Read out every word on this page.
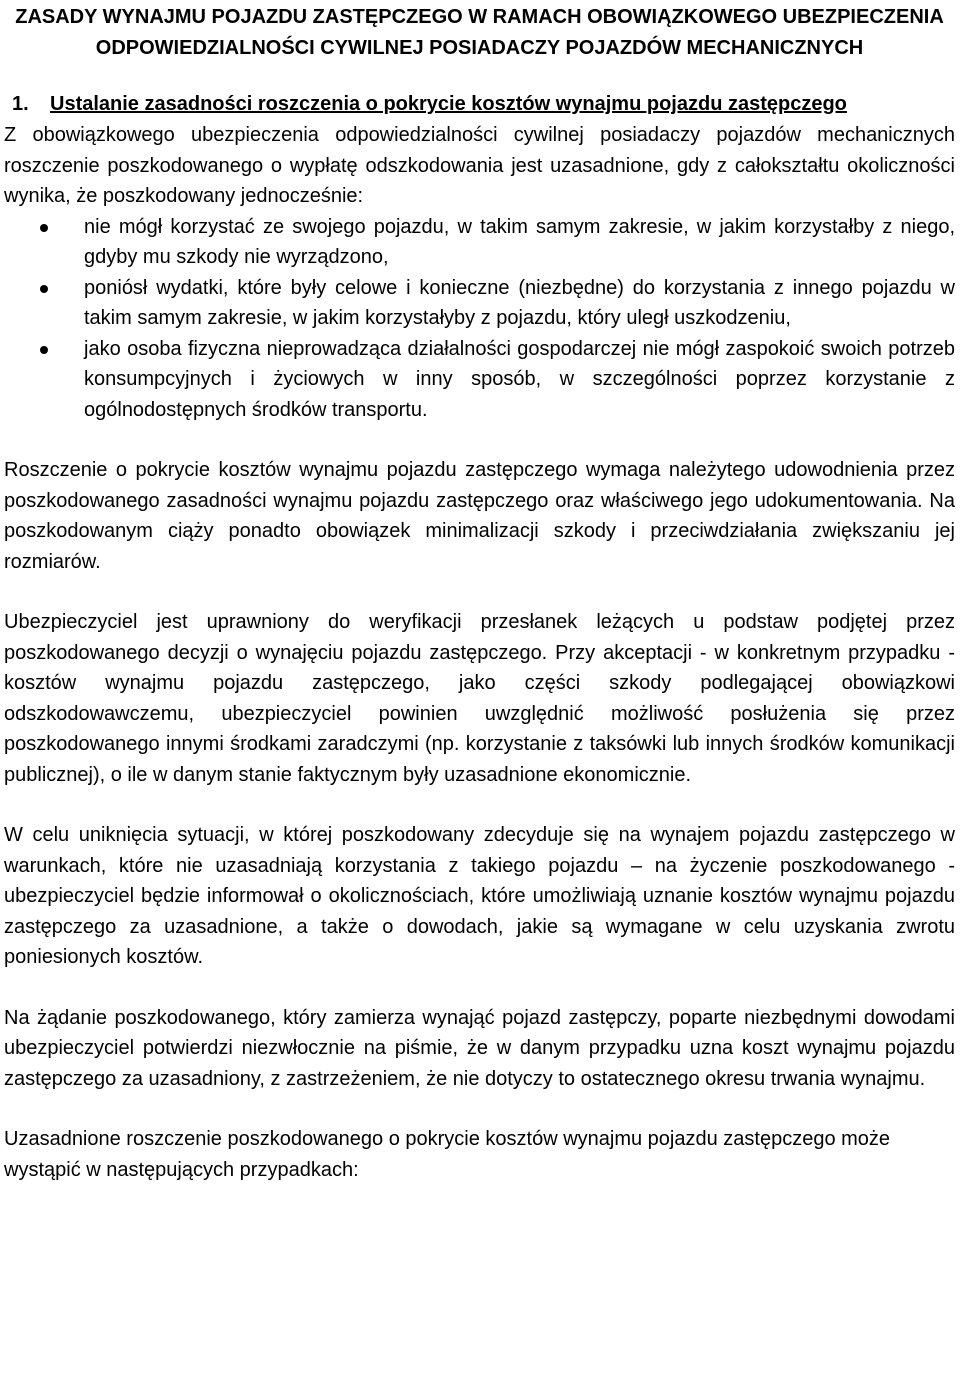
ZASADY WYNAJMU POJAZDU ZASTĘPCZEGO W RAMACH OBOWIĄZKOWEGO UBEZPIECZENIA ODPOWIEDZIALNOŚCI CYWILNEJ POSIADACZY POJAZDÓW MECHANICZNYCH
1. Ustalanie zasadności roszczenia o pokrycie kosztów wynajmu pojazdu zastępczego

Z obowiązkowego ubezpieczenia odpowiedzialności cywilnej posiadaczy pojazdów mechanicznych roszczenie poszkodowanego o wypłatę odszkodowania jest uzasadnione, gdy z całokształtu okoliczności wynika, że poszkodowany jednocześnie:

nie mógł korzystać ze swojego pojazdu, w takim samym zakresie, w jakim korzystałby z niego, gdyby mu szkody nie wyrządzono,
poniósł wydatki, które były celowe i konieczne (niezbędne) do korzystania z innego pojazdu w takim samym zakresie, w jakim korzystałyby z pojazdu, który uległ uszkodzeniu,
jako osoba fizyczna nieprowadząca działalności gospodarczej nie mógł zaspokoić swoich potrzeb konsumpcyjnych i życiowych w inny sposób, w szczególności poprzez korzystanie z ogólnodostępnych środków transportu.

Roszczenie o pokrycie kosztów wynajmu pojazdu zastępczego wymaga należytego udowodnienia przez poszkodowanego zasadności wynajmu pojazdu zastępczego oraz właściwego jego udokumentowania. Na poszkodowanym ciąży ponadto obowiązek minimalizacji szkody i przeciwdziałania zwiększaniu jej rozmiarów.

Ubezpieczyciel jest uprawniony do weryfikacji przesłanek leżących u podstaw podjętej przez poszkodowanego decyzji o wynajęciu pojazdu zastępczego. Przy akceptacji - w konkretnym przypadku - kosztów wynajmu pojazdu zastępczego, jako części szkody podlegającej obowiązkowi odszkodowawczemu, ubezpieczyciel powinien uwzględnić możliwość posłużenia się przez poszkodowanego innymi środkami zaradczymi (np. korzystanie z taksówki lub innych środków komunikacji publicznej), o ile w danym stanie faktycznym były uzasadnione ekonomicznie.

W celu uniknięcia sytuacji, w której poszkodowany zdecyduje się na wynajem pojazdu zastępczego w warunkach, które nie uzasadniają korzystania z takiego pojazdu – na życzenie poszkodowanego - ubezpieczyciel będzie informował o okolicznościach, które umożliwiają uznanie kosztów wynajmu pojazdu zastępczego za uzasadnione, a także o dowodach, jakie są wymagane w celu uzyskania zwrotu poniesionych kosztów.

Na żądanie poszkodowanego, który zamierza wynająć pojazd zastępczy, poparte niezbędnymi dowodami ubezpieczyciel potwierdzi niezwłocznie na piśmie, że w danym przypadku uzna koszt wynajmu pojazdu zastępczego za uzasadniony, z zastrzeżeniem, że nie dotyczy to ostatecznego okresu trwania wynajmu.

Uzasadnione roszczenie poszkodowanego o pokrycie kosztów wynajmu pojazdu zastępczego może wystąpić w następujących przypadkach:
